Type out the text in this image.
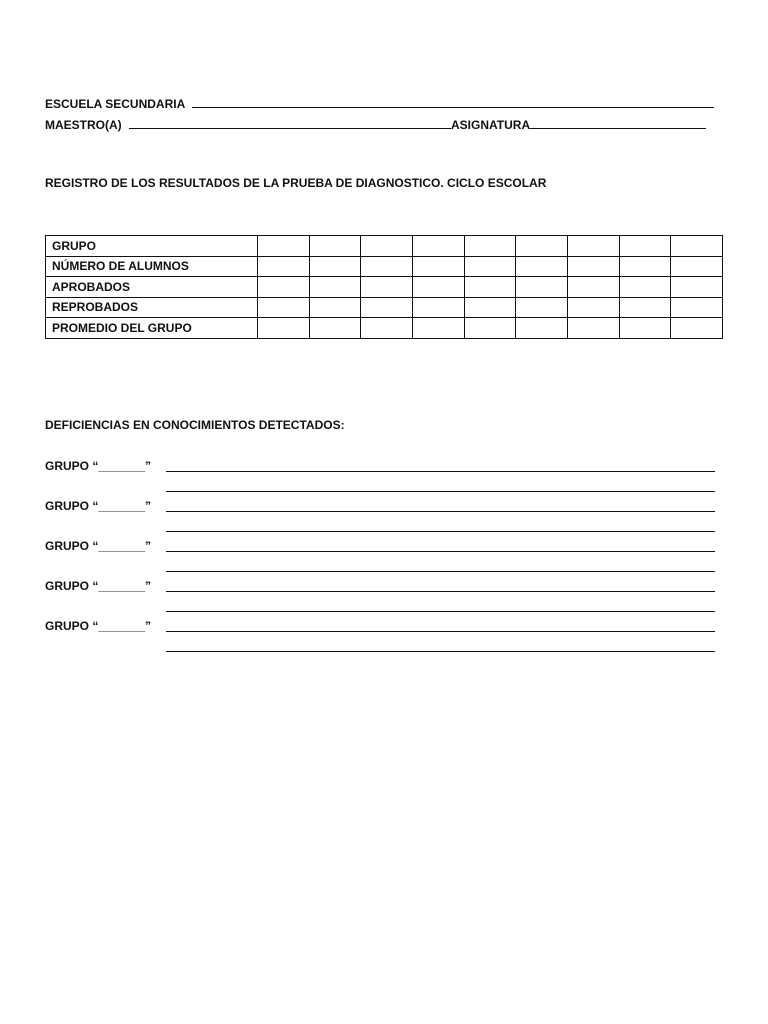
ESCUELA SECUNDARIA
MAESTRO(A)	ASIGNATURA
REGISTRO DE LOS RESULTADOS DE LA PRUEBA DE DIAGNOSTICO. CICLO ESCOLAR
GRUPO									
NÚMERO DE ALUMNOS									
APROBADOS									
REPROBADOS									
PROMEDIO DEL GRUPO									
DEFICIENCIAS EN CONOCIMIENTOS DETECTADOS:
GRUPO “_______”
GRUPO “_______”
GRUPO “_______”
GRUPO “_______”
GRUPO “_______”
